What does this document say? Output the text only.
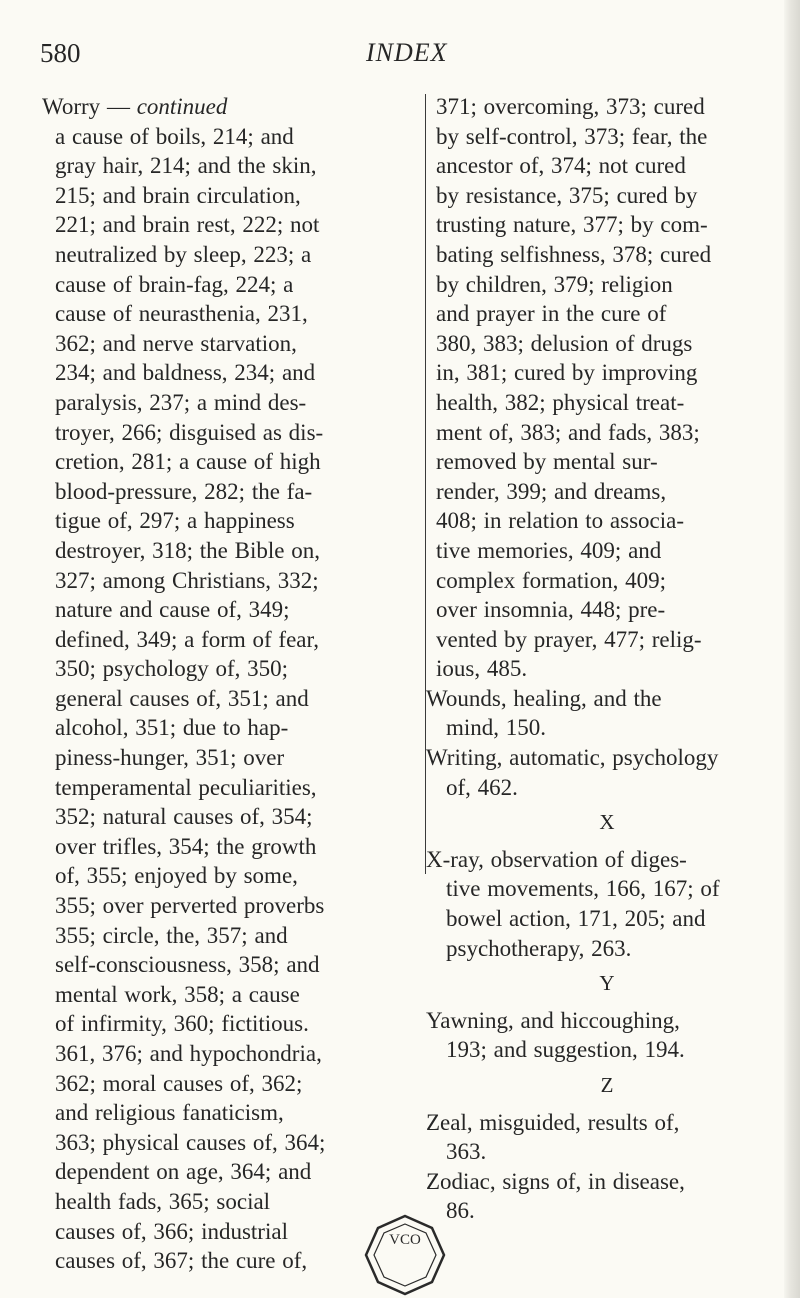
580	INDEX
Worry — continued
a cause of boils, 214; and
gray hair, 214; and the skin,
215; and brain circulation,
221; and brain rest, 222; not
neutralized by sleep, 223; a
cause of brain-fag, 224; a
cause of neurasthenia, 231,
362; and nerve starvation,
234; and baldness, 234; and
paralysis, 237; a mind des-
troyer, 266; disguised as dis-
cretion, 281; a cause of high
blood-pressure, 282; the fa-
tigue of, 297; a happiness
destroyer, 318; the Bible on,
327; among Christians, 332;
nature and cause of, 349;
defined, 349; a form of fear,
350; psychology of, 350;
general causes of, 351; and
alcohol, 351; due to hap-
piness-hunger, 351; over
temperamental peculiarities,
352; natural causes of, 354;
over trifles, 354; the growth
of, 355; enjoyed by some,
355; over perverted proverbs
355; circle, the, 357; and
self-consciousness, 358; and
mental work, 358; a cause
of infirmity, 360; fictitious.
361, 376; and hypochondria,
362; moral causes of, 362;
and religious fanaticism,
363; physical causes of, 364;
dependent on age, 364; and
health fads, 365; social
causes of, 366; industrial
causes of, 367; the cure of,
371; overcoming, 373; cured
by self-control, 373; fear, the
ancestor of, 374; not cured
by resistance, 375; cured by
trusting nature, 377; by com-
bating selfishness, 378; cured
by children, 379; religion
and prayer in the cure of
380, 383; delusion of drugs
in, 381; cured by improving
health, 382; physical treat-
ment of, 383; and fads, 383;
removed by mental sur-
render, 399; and dreams,
408; in relation to associa-
tive memories, 409; and
complex formation, 409;
over insomnia, 448; pre-
vented by prayer, 477; relig-
ious, 485.
Wounds, healing, and the
mind, 150.
Writing, automatic, psychology
of, 462.
X
X-ray, observation of diges-
tive movements, 166, 167; of
bowel action, 171, 205; and
psychotherapy, 263.
Y
Yawning, and hiccoughing,
193; and suggestion, 194.
Z
Zeal, misguided, results of,
363.
Zodiac, signs of, in disease,
86.
VCO
